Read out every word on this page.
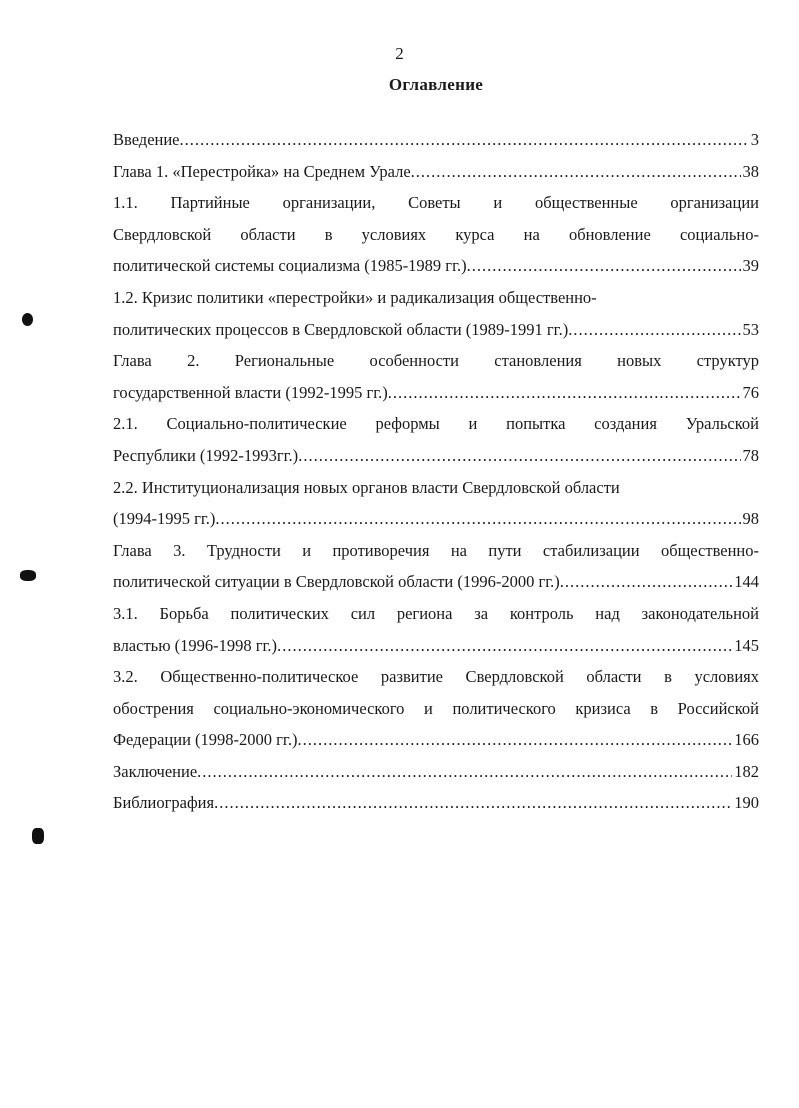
2
Оглавление
Введение .....	3
Глава 1. «Перестройка» на Среднем Урале .....	38
1.1. Партийные организации, Советы и общественные организации
Свердловской области в условиях курса на обновление социально-
политической системы социализма (1985-1989 гг.) .....	39
1.2. Кризис политики «перестройки» и радикализация общественно-
политических процессов в Свердловской области (1989-1991 гг.) .....	53
Глава 2. Региональные особенности становления новых структур
государственной власти (1992-1995 гг.) .....	76
2.1. Социально-политические реформы и попытка создания Уральской
Республики (1992-1993гг.) .....	78
2.2. Институционализация новых органов власти Свердловской области
(1994-1995 гг.) .....	98
Глава 3. Трудности и противоречия на пути стабилизации общественно-
политической ситуации в Свердловской области (1996-2000 гг.) .....	144
3.1. Борьба политических сил региона за контроль над законодательной
властью (1996-1998 гг.) .....	145
3.2. Общественно-политическое развитие Свердловской области в условиях
обострения социально-экономического и политического кризиса в Российской
Федерации (1998-2000 гг.) .....	166
Заключение .....	182
Библиография .....	190
